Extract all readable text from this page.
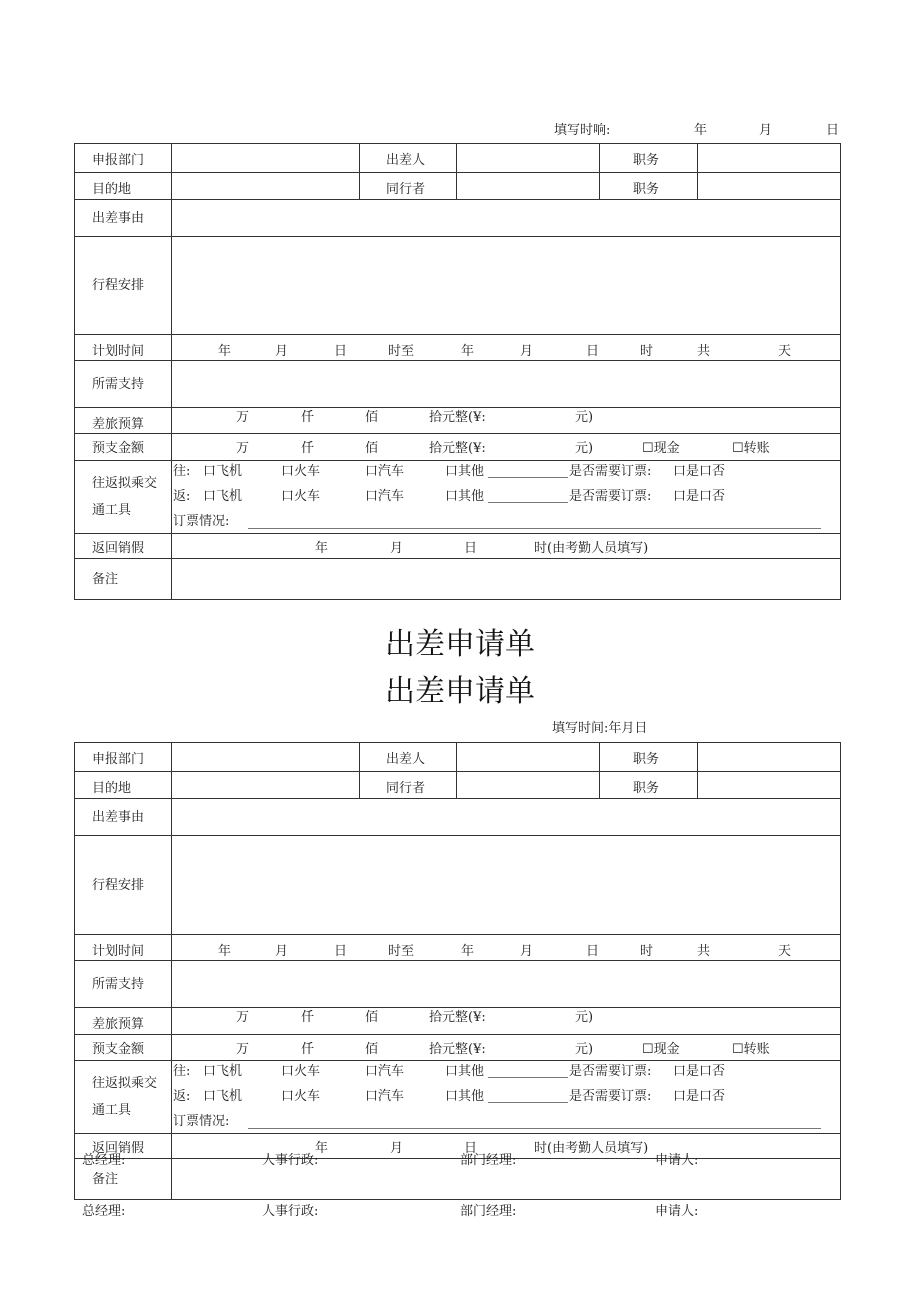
填写时响:	年	月	日
申报部门	出差人	职务
目的地	同行者	职务
出差事由
行程安排
计划时间	年	月	日	时至	年	月	日	时	共	天
所需支持
差旅预算	万	仟	佰	拾元整(¥:	元)
预支金额	万	仟	佰	拾元整(¥:	元)	☐现金	☐转账
往返拟乘交
通工具
往: 口飞机	口火车	口汽车	口其他	是否需要订票: 口是口否
返: 口飞机	口火车	口汽车	口其他	是否需要订票: 口是口否
订票情况:
返回销假	年	月	日	时(由考勤人员填写)
备注
出差申请单
出差申请单
填写时间:年月日
申报部门	出差人	职务
目的地	同行者	职务
出差事由
行程安排
计划时间	年	月	日	时至	年	月	日	时	共	天
所需支持
差旅预算	万	仟	佰	拾元整(¥:	元)
预支金额	万	仟	佰	拾元整(¥:	元)	☐现金	☐转账
往返拟乘交
通工具
往: 口飞机	口火车	口汽车	口其他	是否需要订票: 口是口否
返: 口飞机	口火车	口汽车	口其他	是否需要订票: 口是口否
订票情况:
返回销假	年	月	日	时(由考勤人员填写)
备注
总经理:	人事行政:	部门经理:	申请人:
总经理:	人事行政:	部门经理:	申请人:
